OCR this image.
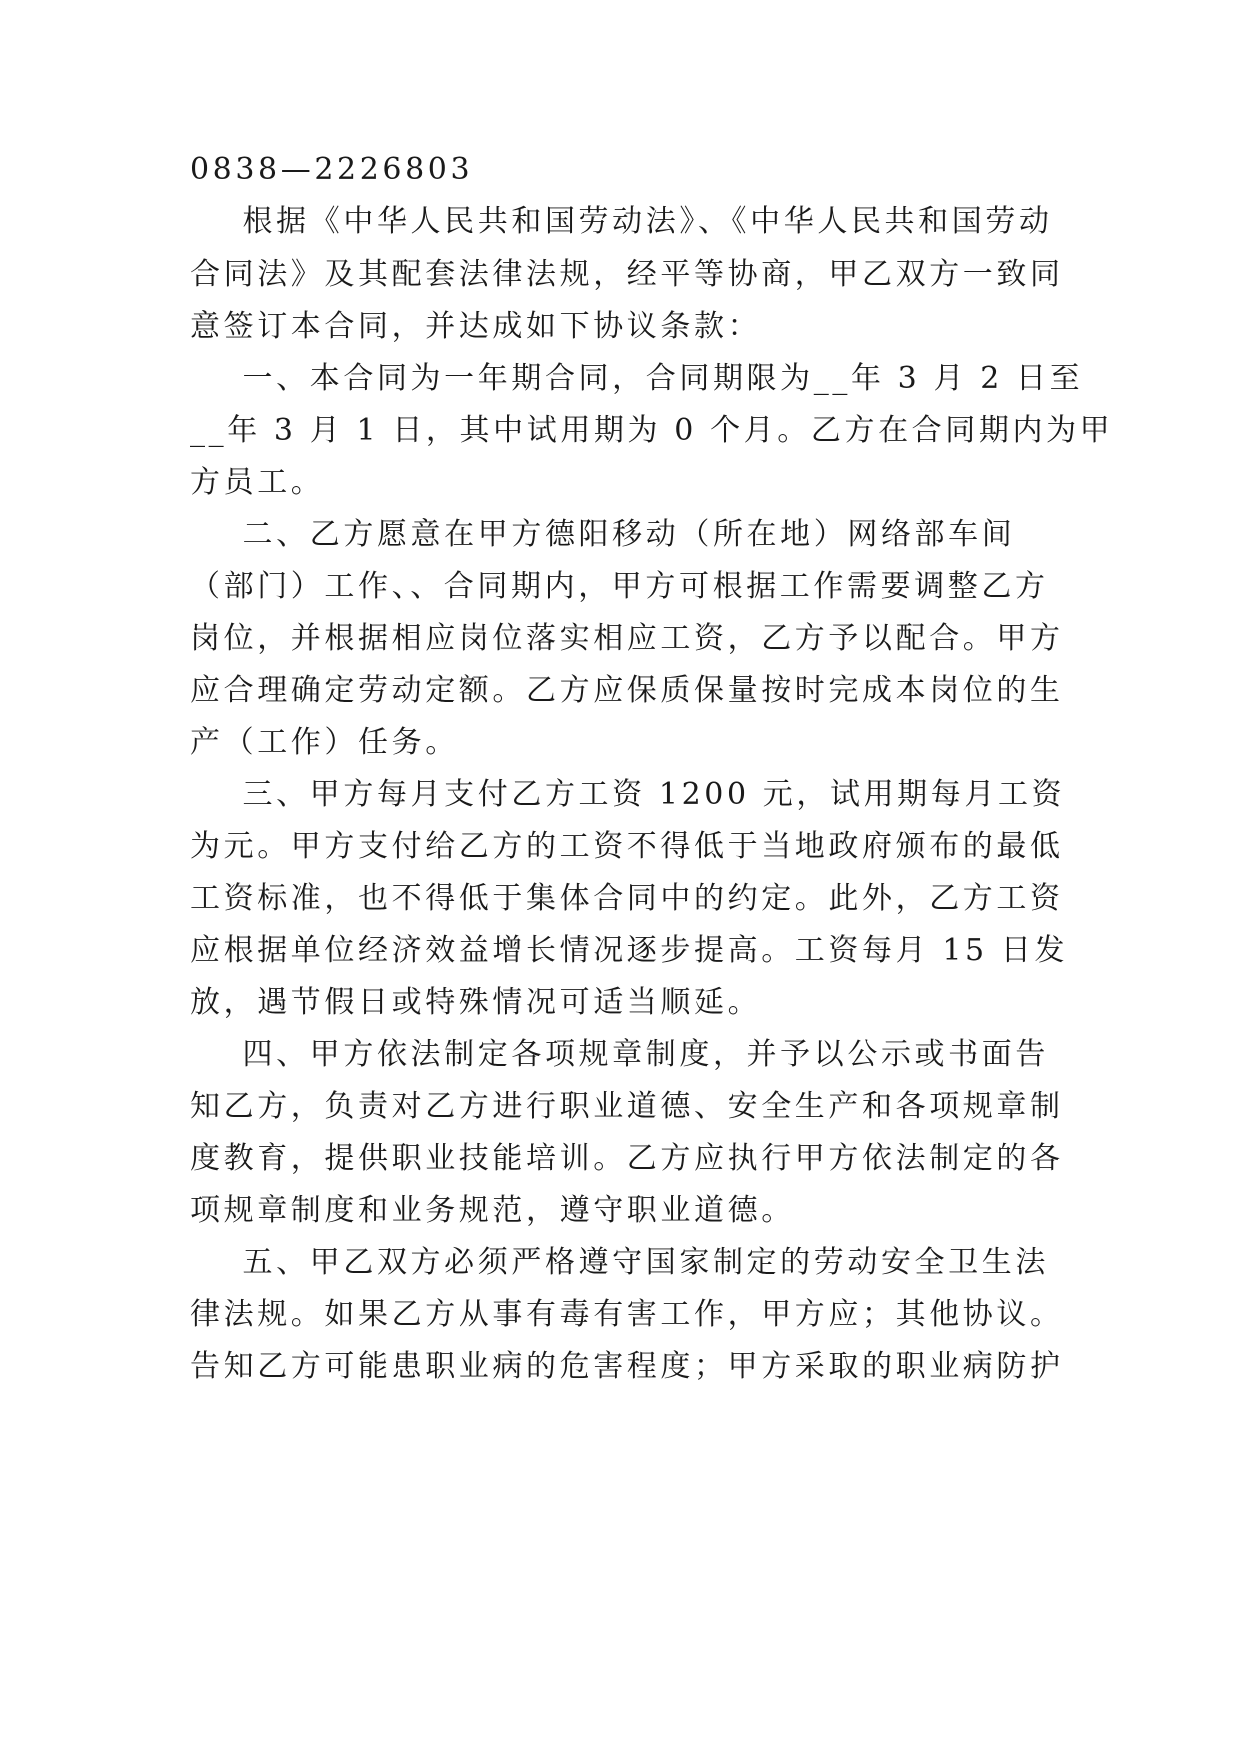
0838—2226803

根据《中华人民共和国劳动法》、《中华人民共和国劳动

合同法》及其配套法律法规，经平等协商，甲乙双方一致同

意签订本合同，并达成如下协议条款：

一、本合同为一年期合同，合同期限为__年 3 月 2 日至

__年 3 月 1 日，其中试用期为 0 个月。乙方在合同期内为甲

方员工。

二、乙方愿意在甲方德阳移动（所在地）网络部车间

（部门）工作、、合同期内，甲方可根据工作需要调整乙方

岗位，并根据相应岗位落实相应工资，乙方予以配合。甲方

应合理确定劳动定额。乙方应保质保量按时完成本岗位的生

产（工作）任务。

三、甲方每月支付乙方工资 1200 元，试用期每月工资

为元。甲方支付给乙方的工资不得低于当地政府颁布的最低

工资标准，也不得低于集体合同中的约定。此外，乙方工资

应根据单位经济效益增长情况逐步提高。工资每月 15 日发

放，遇节假日或特殊情况可适当顺延。

四、甲方依法制定各项规章制度，并予以公示或书面告

知乙方，负责对乙方进行职业道德、安全生产和各项规章制

度教育，提供职业技能培训。乙方应执行甲方依法制定的各

项规章制度和业务规范，遵守职业道德。

五、甲乙双方必须严格遵守国家制定的劳动安全卫生法

律法规。如果乙方从事有毒有害工作，甲方应；其他协议。

告知乙方可能患职业病的危害程度；甲方采取的职业病防护
